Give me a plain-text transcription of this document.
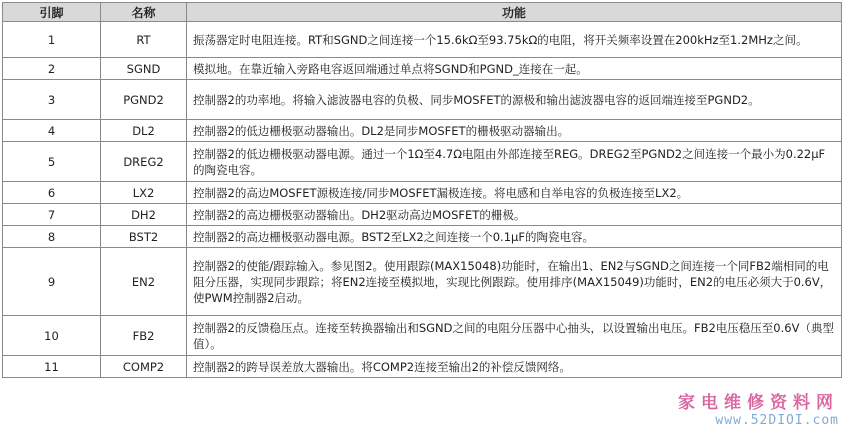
引脚	名称	功能
1	RT	振荡器定时电阻连接。RT和SGND之间连接一个15.6kΩ至93.75kΩ的电阻，将开关频率设置在200kHz至1.2MHz之间。
2	SGND	模拟地。在靠近输入旁路电容返回端通过单点将SGND和PGND_连接在一起。
3	PGND2	控制器2的功率地。将输入滤波器电容的负极、同步MOSFET的源极和输出滤波器电容的返回端连接至PGND2。
4	DL2	控制器2的低边栅极驱动器输出。DL2是同步MOSFET的栅极驱动器输出。
5	DREG2	控制器2的低边栅极驱动器电源。通过一个1Ω至4.7Ω电阻由外部连接至REG。DREG2至PGND2之间连接一个最小为0.22μF的陶瓷电容。
6	LX2	控制器2的高边MOSFET源极连接/同步MOSFET漏极连接。将电感和自举电容的负极连接至LX2。
7	DH2	控制器2的高边栅极驱动器输出。DH2驱动高边MOSFET的栅极。
8	BST2	控制器2的高边栅极驱动器电源。BST2至LX2之间连接一个0.1μF的陶瓷电容。
9	EN2	控制器2的使能/跟踪输入。参见图2。使用跟踪(MAX15048)功能时，在输出1、EN2与SGND之间连接一个同FB2端相同的电阻分压器，实现同步跟踪；将EN2连接至模拟地，实现比例跟踪。使用排序(MAX15049)功能时，EN2的电压必须大于0.6V，使PWM控制器2启动。
10	FB2	控制器2的反馈稳压点。连接至转换器输出和SGND之间的电阻分压器中心抽头，以设置输出电压。FB2电压稳压至0.6V（典型值）。
11	COMP2	控制器2的跨导误差放大器输出。将COMP2连接至输出2的补偿反馈网络。
家电维修资料网
www.52DIOI.com
